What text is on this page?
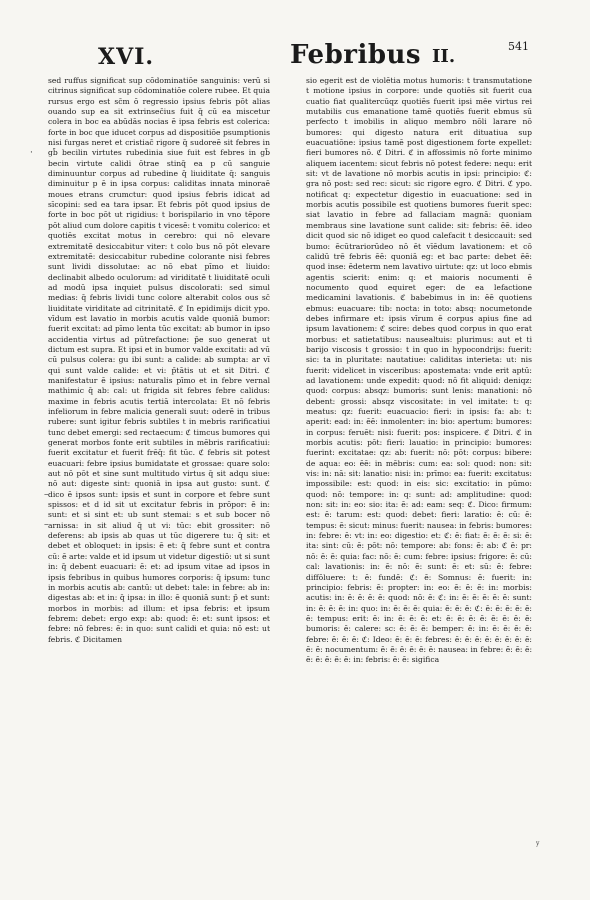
XVI.	Febribus II.	541

sed ruffus significat sup cōdominatiōe sanguinis: verū si citrinus significat sup cōdominatiōe colere rubee. Et quia rursus ergo est sc̄m ō regressio ipsius febris pōt alias ouando sup ea sit extrinsec̄ius fuit q̄ cū ea miscetur colera in boc ea abūdās nocias ē ipsa febris est colerica: forte in boc que iducet corpus ad dispositiōe psumptionis nisi furgas neret et cristiac̄ rigore q̄ sudoreē sit febres in gb̄ becilin virtutes rubedinia siue fuit est febres in gb̄ becin virtute calidi ōtrae stinq̄ ea p cū sanguie diminuuntur corpus ad rubedine q̄ liuiditate q̄: sanguis diminuitur p ē in ipsa corpus: caliditas innata minoraē moues etrans crumctur: quod ipsius febris idicat ad sīcopini: sed ea tara ipsar. Et febris pōt quod ipsius de forte in boc pōt ut rigidius: t borispilario in vno tēpore pōt aliud cum dolore capitis t vicesē: t vomitu colerico: et quotiēs excitat motus in cerebro: qui nō elevare extremitatē desiccabitur viter: t colo bus nō pōt elevare extremitatē: desiccabitur rubedine colorante nisi febres sunt lividi dissolutae: ac nō ebat pīmo et liuido: declinabit albedo oculorum: ad viriditatē t liuiditatē oculi ad modū ipsa inquiet pulsus discolorati: sed simul medias: q̄ febris lividi tunc colore alterabit colos ous sc̄ liuiditate viriditate ad citrinitatē. ℭ In epidimijs dicit ypo. vīdum est lavatio in morbis acutis valde quoniā bumor: fuerit excitat: ad pīmo lenta tūc excitat: ab bumor in ipso accidentia virtus ad pūtrefactione: p̄e suo generat ut dictum est supra. Et ipsi et in bumor valde excitati: ad vū cū pulsus colera: gu ibi sunt: a calide: ab sumpta: ar vī qui sunt valde calide: et vi: p̄tātis ut et sit Ditri. ℭ manifestatur ē ipsius: naturalis pīmo et in febre vernal mathimic q̄ ab: cal: ut frigida sit febres febre calidus: maxime in febris acutis tertiā intercolata: Et nō febris infeliorum in febre malicia generali suut: oderē in tribus rubere: sunt igitur febris subtiles t in mebris rarificatiui tunc debet emergi: sed rectaecum: ℭ timcus bumores qui generat morbos fonte erit subtiles in mēbris rarificatiui: fuerit excitatur et fuerit frēq̄: fit tūc. ℭ febris sit potest euacuari: febre ipsius bumidatate et grossae: quare solo: aut nō pōt et sine sunt multitudo virtus q̄ sit adqu siue: nō aut: digeste sint: quoniā in ipsa aut gusto: sunt. ℭ dico ē ipsos sunt: ipsis et sunt in corpore et febre sunt spissos: et d id sit ut excitatur febris in prōpor: ē in: sunt: et si sint et: ub sunt stemai: s et sub bocer nō arnissa: in sit aliud q̄ ut vi: tūc: ebit grossiter: nō deferens: ab ipsis ab quas ut tūc digerere tu: q̄ sit: et debet et obloquet: in ipsis: ē et: q̄ febre sunt et contra cū: ē arte: valde et id ipsum ut videtur digestiō: ut si sunt in: q̄ debent euacuari: ē: et: ad ipsum vitae ad ipsos in ipsis febribus in quibus humores corporis: q̄ ipsum: tunc in morbis acutis ab: cantū: ut debet: tale: in febre: ab in: digestas ab: et in: q̄ ipsa: in illo: ē quoniā sunt: p̄ et sunt: morbos in morbis: ad illum: et ipsa febris: et ipsum febrem: debet: ergo exp: ab: quod: ē: et: sunt ipsos: et febre: nō febres: ē: in quo: sunt calidi et quia: nō est: ut febris. ℭ Dicitamen

sio egerit est de violētia motus humoris: t transmutatione t motione ipsius in corpore: unde quotiēs sit fuerit cua cuatio fiat qualitercūqz quotiēs fuerit ipsi mēe virtus rei mutabilis cus emanatione tamē quotiēs fuerit ebmus sū perfecto t imobilis in aliquo membro nōli larare nō bumores: qui digesto natura erit dituatiua sup euacuatiōne: ipsius tamē post digestionem forte expellet: fieri bumores nō. ℭ Ditri. ℭ in affossimis nō forte minimo aliquem iacentem: sicut febris nō potest federe: nequ: erit sit: vt de lavatione nō morbis acutis in ipsi: principio: ℭ: gra nō post: sed rec: sicut: sic rigore egro. ℭ Ditri. ℭ ypo. notificat q: expectetur digestio in euacuatione: sed in morbis acutis possibile est quotiens bumores fuerit spec: siat lavatio in febre ad fallaciam magnā: quoniam membraus sine lavatione sunt calide: sit: febris: ēē. ideo dicit quod sic nō idiget eo quod calefacit t desiccauit: sed bumo: ēcūtrariorūdeo nō ēt vīēdum lavationem: et cō calidū trē febris ēē: quoniā eg: et bac parte: debet ēē: quod inse: ēdeterm nem lavativo uirtute: qz: ut loco ebmis agentis scierit: enim: q: et maioris nocumenti ē nocumento quod equiret eger: de ea lefactione medicamini lavationis. ℭ babebimus in in: ēē quotiens ebmus: euacuare: tib: nocta: in toto: absq: nocumetonde debes infirmare et: ipsis vīrum ē corpus apius fine ad ipsum lavationem: ℭ scire: debes quod corpus in quo erat morbus: et satietatibus: nausealtuis: plurimus: aut et ti barijo viscosis t grossio: t in quo in hypocondrijs: fuerit: sic: ta in pluritate: nautatiue: caliditas interieta: ut: nis fuerit: videlicet in visceribus: apostemata: vnde erit aptū: ad lavationem: unde expedit: quod: nō fit aliquid: deniqz: quod: corpus: absqz: bumoris: sunt lenis: manationi: nō debent: grossi: absqz viscositate: in vel imitate: t: q: meatus: qz: fuerit: euacuacio: fieri: in ipsis: fa: ab: t: aperit: ead: in: ēē: inmolenter: in: bio: apertum: bumores: in corpus: feruēt: nisi: fuerit: pos: inspicere. ℭ Ditri. ℭ in morbis acutis: pōt: fieri: lauatio: in principio: bumores: fuerint: excitatae: qz: ab: fuerit: nō: pōt: corpus: bibere: de aqua: eo: ēē: in mēbris: cum: ea: sol: quod: non: sit: vis: in: nā: sit: lanatio: nisi: in: prīmo: ea: fuerit: excitatus: impossibile: est: quod: in eis: sic: excitatio: in pūmo: quod: nō: tempore: in: q: sunt: ad: amplitudine: quod: non: sit: in: eo: sio: ita: ē: ad: eam: seq: ℭ. Dico: firmum: est: ē: tarum: est: quod: debet: fieri: laratio: ē: cū: ē: tempus: ē: sicut: minus: fuerit: nausea: in febris: bumores: in: febre: ē: vt: in: eo: digestio: et: ℭ: ē: fiat: ē: ē: ē: si: ē: ita: sint: cū: ē: pōt: nō: tempore: ab: fons: ē: ab: ℭ ē: pr: nō: ē: ē: quia: fac: nō: ē: cum: febre: ipsius: frigore: ē: cū: cal: lavationis: in: ē: nō: ē: sunt: ē: et: sū: ē: febre: diffōluere: t: ē: fundē: ℭ: ē: Somnus: ē: fuerit: in: principio: febris: ē: propter: in: eo: ē: ē: ē: in: morbis: acutis: in: ē: ē: ē: ē: quod: nō: ē: ℭ: in: ē: ē: ē: ē: ē: sunt: in: ē: ē: ē: in: quo: in: ē: ē: ē: quia: ē: ē: ē: ℭ: ē: ē: ē: ē: ē: ē: tempus: erit: ē: in: ē: ē: ē: et: ē: ē: ē: ē: ē: ē: ē: ē: bumoris: ē: calere: sc: ē: ē: ē: bemper: ē: in: ē: ē: ē: ē: febre: ē: ē: ē: ℭ: Ideo: ē: ē: ē: febres: ē: ē: ē: ē: ē: ē: ē: ē: ē: ē: nocumentum: ē: ē: ē: ē: ē: ē: nausea: in febre: ē: ē: ē: ē: ē: ē: ē: ē: in: febris: ē: ē: sigifica

·
–
–
y
